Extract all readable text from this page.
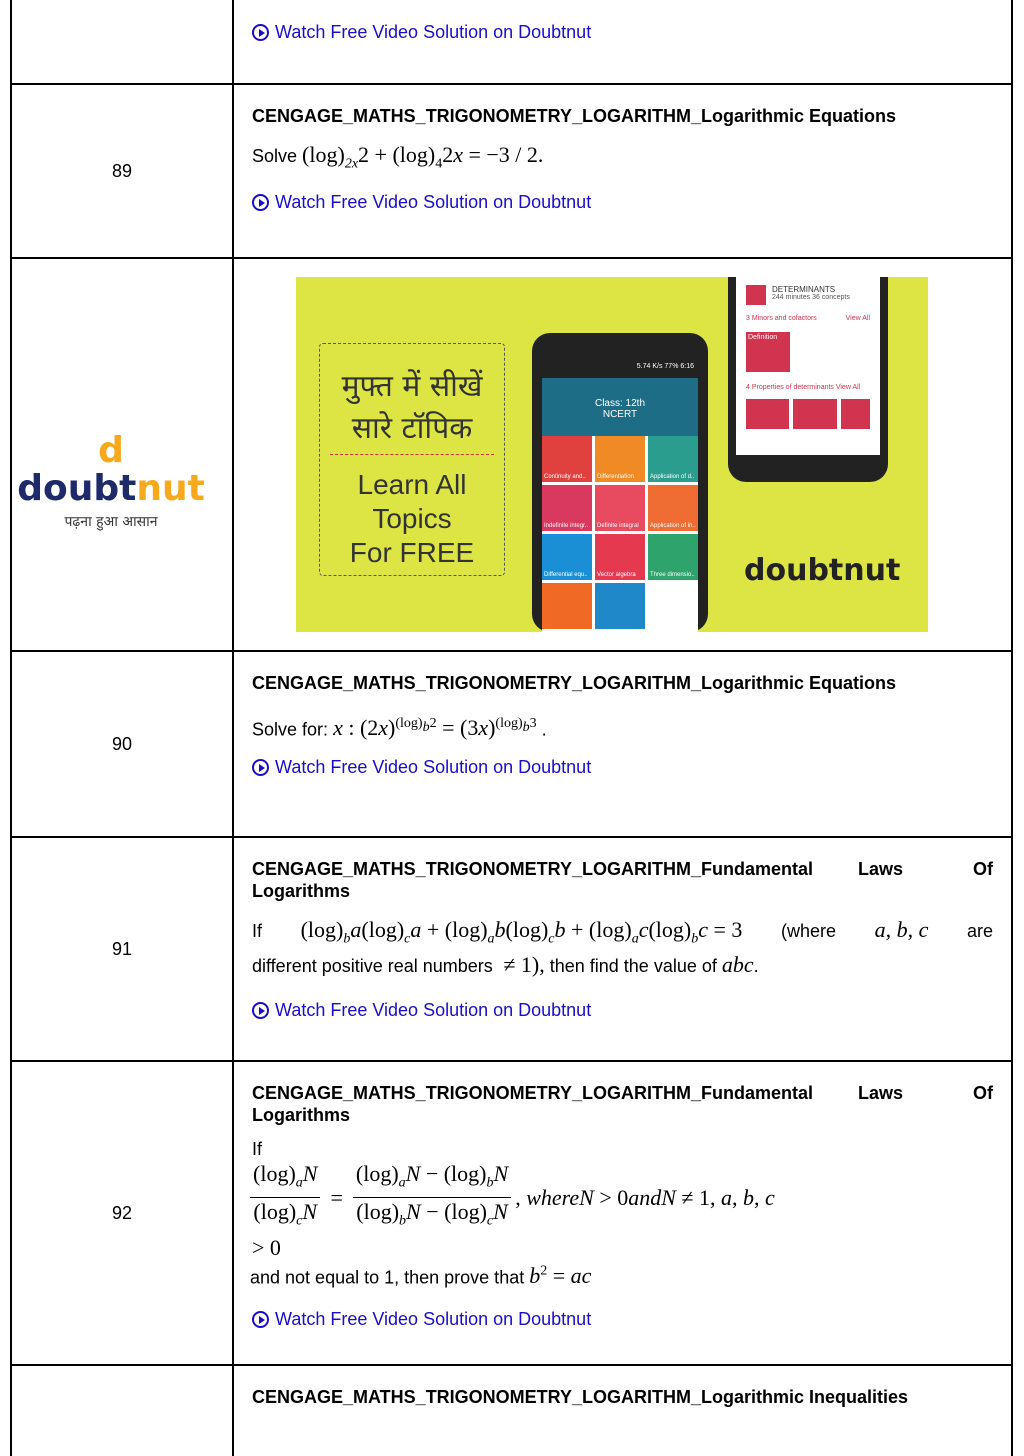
Watch Free Video Solution on Doubtnut
89
CENGAGE_MATHS_TRIGONOMETRY_LOGARITHM_Logarithmic Equations
Solve $(\log)_{2x}2 + (\log)_42x = -3 / 2$.
Watch Free Video Solution on Doubtnut
90
CENGAGE_MATHS_TRIGONOMETRY_LOGARITHM_Logarithmic Equations
Solve for: x : $(2x)^{(log)_b2} = (3x)^{(log)_b3}$ .
Watch Free Video Solution on Doubtnut
91
CENGAGE_MATHS_TRIGONOMETRY_LOGARITHM_Fundamental Laws	Of
Logarithms
If $(\log)_ba(\log)_ca + (\log)_ab(\log)_cb + (\log)_ac(\log)_bc = 3$ (where a, b, c are
different positive real numbers  ≠ 1), then find the value of abc.
Watch Free Video Solution on Doubtnut
92
CENGAGE_MATHS_TRIGONOMETRY_LOGARITHM_Fundamental Laws	Of
Logarithms
If
$\frac{(\log)_aN}{(\log)_cN} = \frac{(\log)_aN - (\log)_bN}{(\log)_bN - (\log)_cN}$ , whereN > 0andN ≠ 1, a, b, c
> 0
and not equal to 1, then prove that $b^2$ = ac
Watch Free Video Solution on Doubtnut
CENGAGE_MATHS_TRIGONOMETRY_LOGARITHM_Logarithmic Inequalities
d doubtnut
पढ़ना हुआ आसान
मुफ्त में सीखें
सारे टॉपिक
Learn All
Topics
For FREE
5.74 K/s 77% 6:16
Class: 12th
NCERT
Continuity and..	Differentiation	Application of d..
Indefinite integr..	Definite integral	Application of in..
Differential equ..	Vector algebra	Three dimensio..
DETERMINANTS
244 minutes 36 concepts
3 Minors and cofactors	View All
Definition
4 Properties of determinants View All
doubtnut
